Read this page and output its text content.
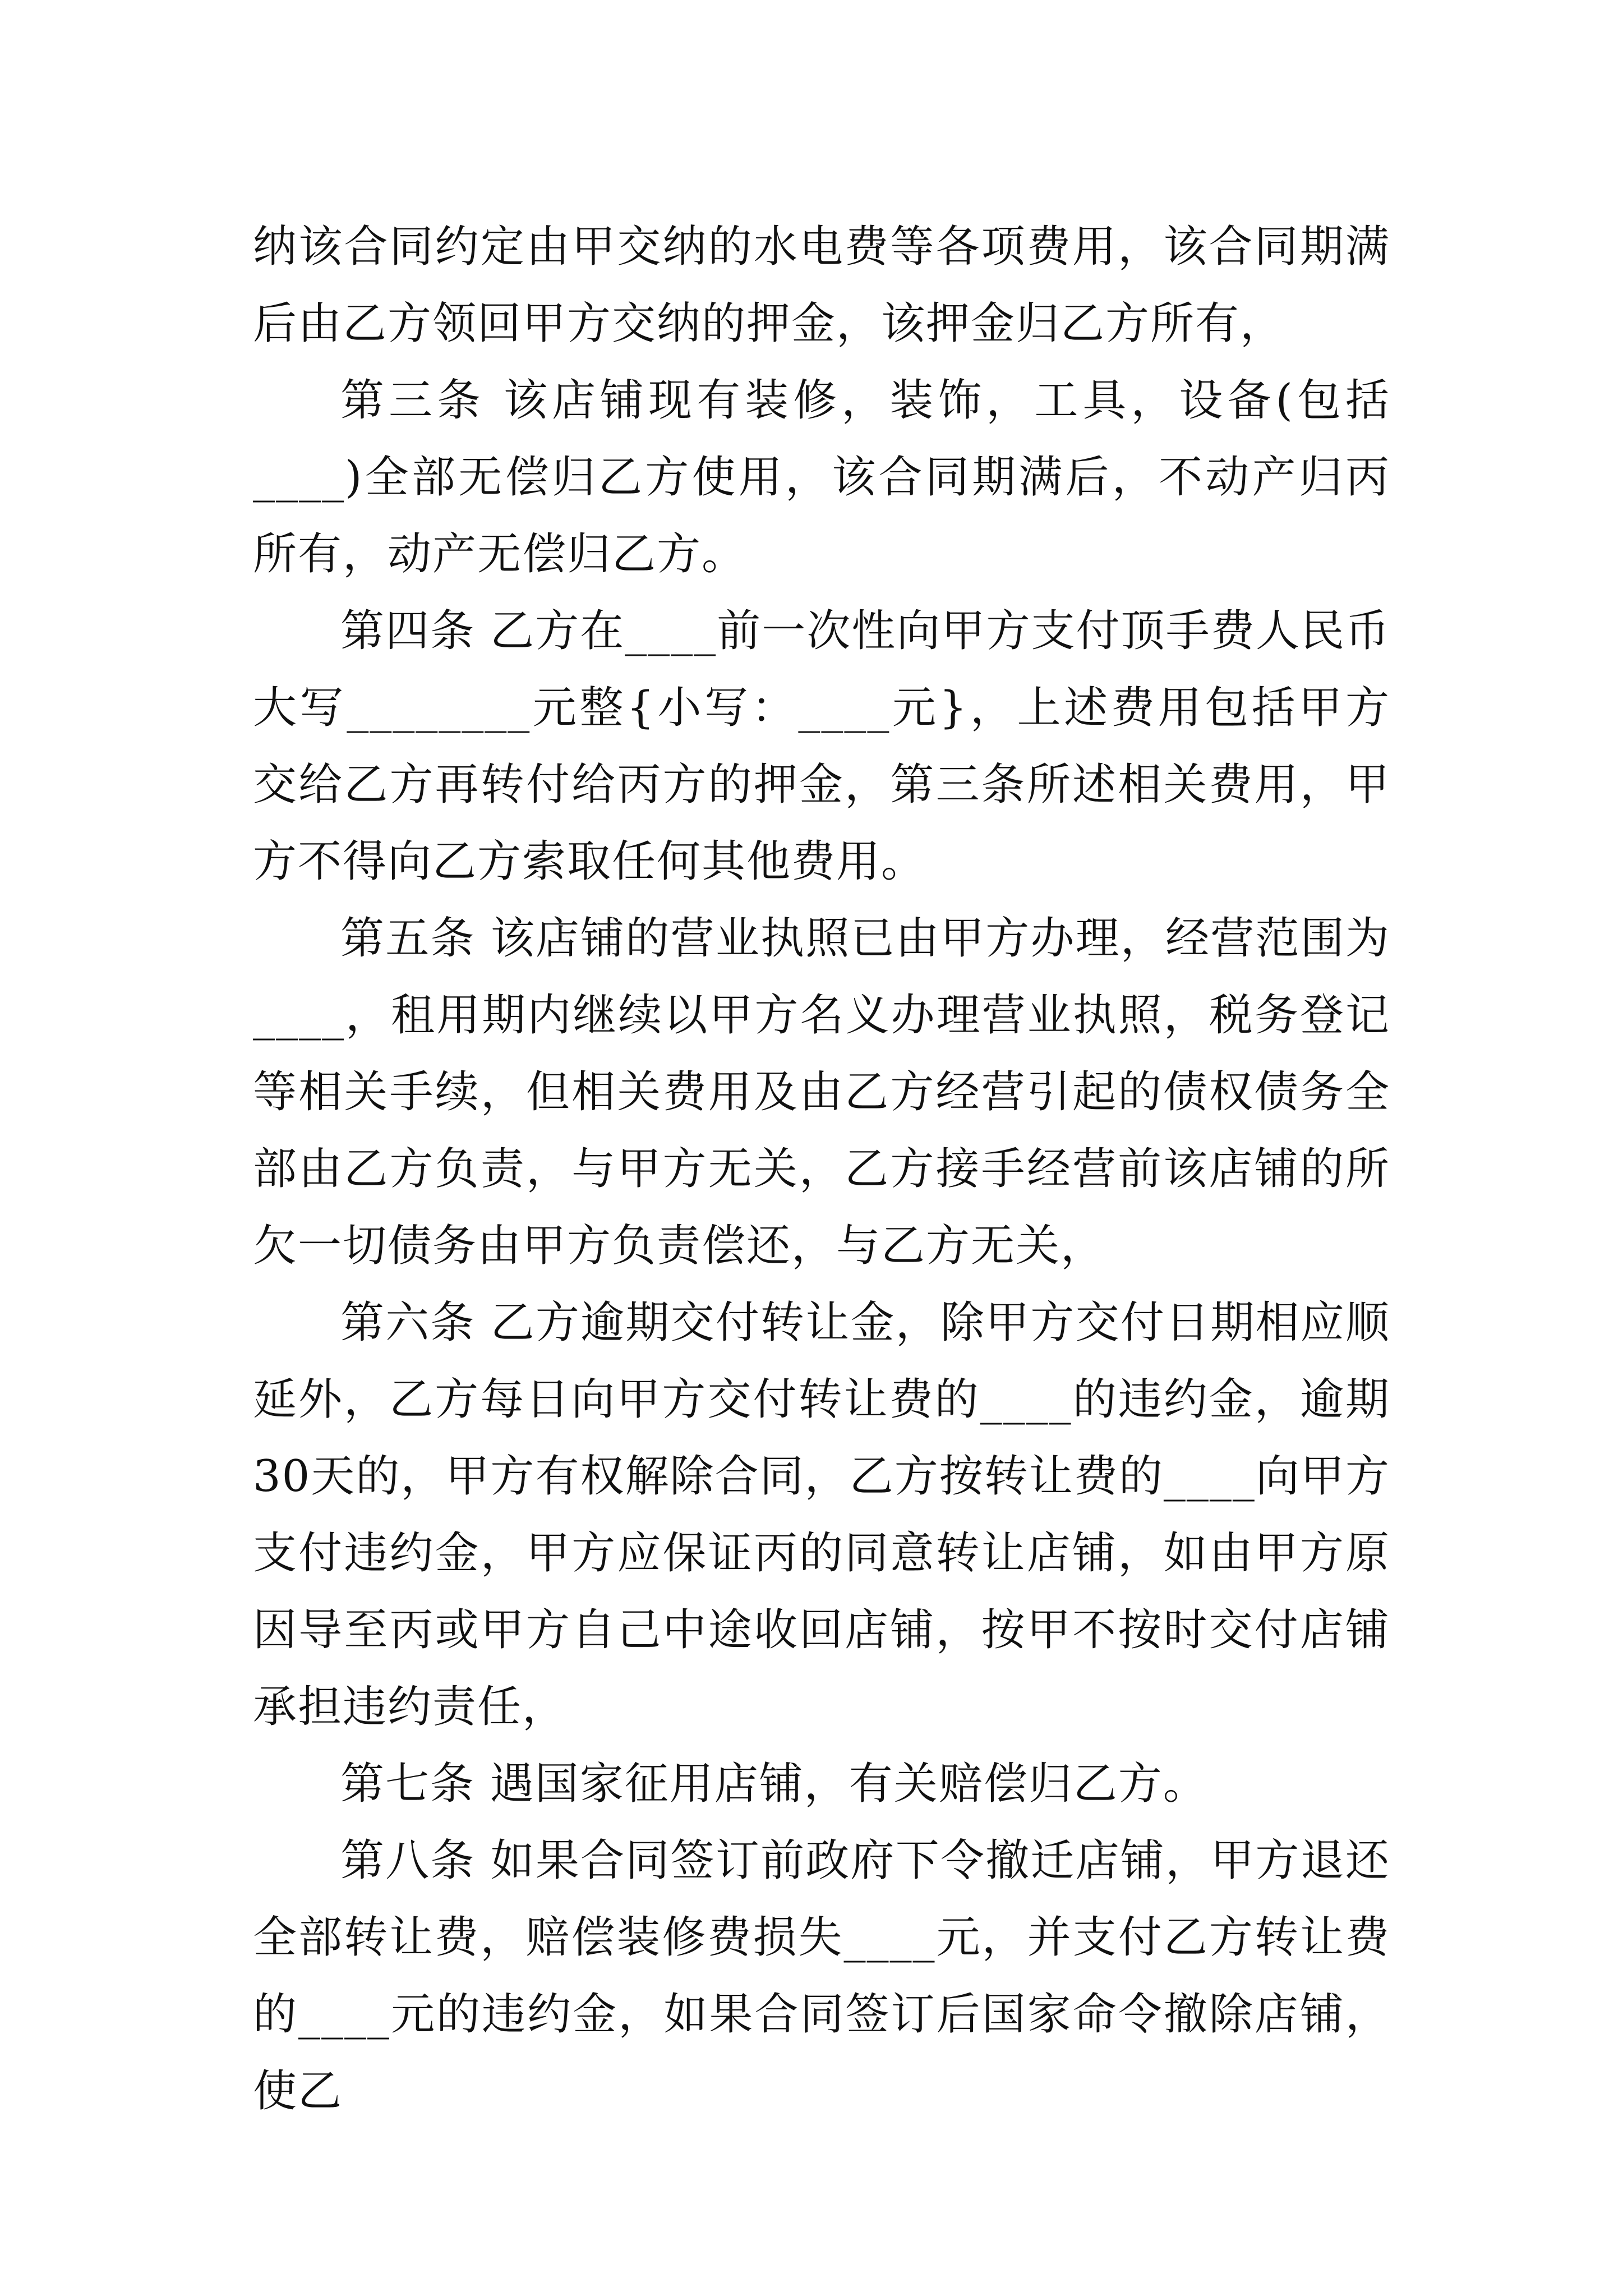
纳该合同约定由甲交纳的水电费等各项费用，该合同期满后由乙方领回甲方交纳的押金，该押金归乙方所有，

第三条 该店铺现有装修，装饰，工具，设备(包括____)全部无偿归乙方使用，该合同期满后，不动产归丙所有，动产无偿归乙方。

第四条 乙方在____前一次性向甲方支付顶手费人民币大写________元整{小写：____元}，上述费用包括甲方交给乙方再转付给丙方的押金，第三条所述相关费用，甲方不得向乙方索取任何其他费用。

第五条 该店铺的营业执照已由甲方办理，经营范围为____，租用期内继续以甲方名义办理营业执照，税务登记等相关手续，但相关费用及由乙方经营引起的债权债务全部由乙方负责，与甲方无关，乙方接手经营前该店铺的所欠一切债务由甲方负责偿还，与乙方无关，

第六条 乙方逾期交付转让金，除甲方交付日期相应顺延外，乙方每日向甲方交付转让费的____的违约金，逾期30天的，甲方有权解除合同，乙方按转让费的____向甲方支付违约金，甲方应保证丙的同意转让店铺，如由甲方原因导至丙或甲方自己中途收回店铺，按甲不按时交付店铺承担违约责任，

第七条 遇国家征用店铺，有关赔偿归乙方。

第八条 如果合同签订前政府下令撤迁店铺，甲方退还全部转让费，赔偿装修费损失____元，并支付乙方转让费的____元的违约金，如果合同签订后国家命令撤除店铺，使乙
